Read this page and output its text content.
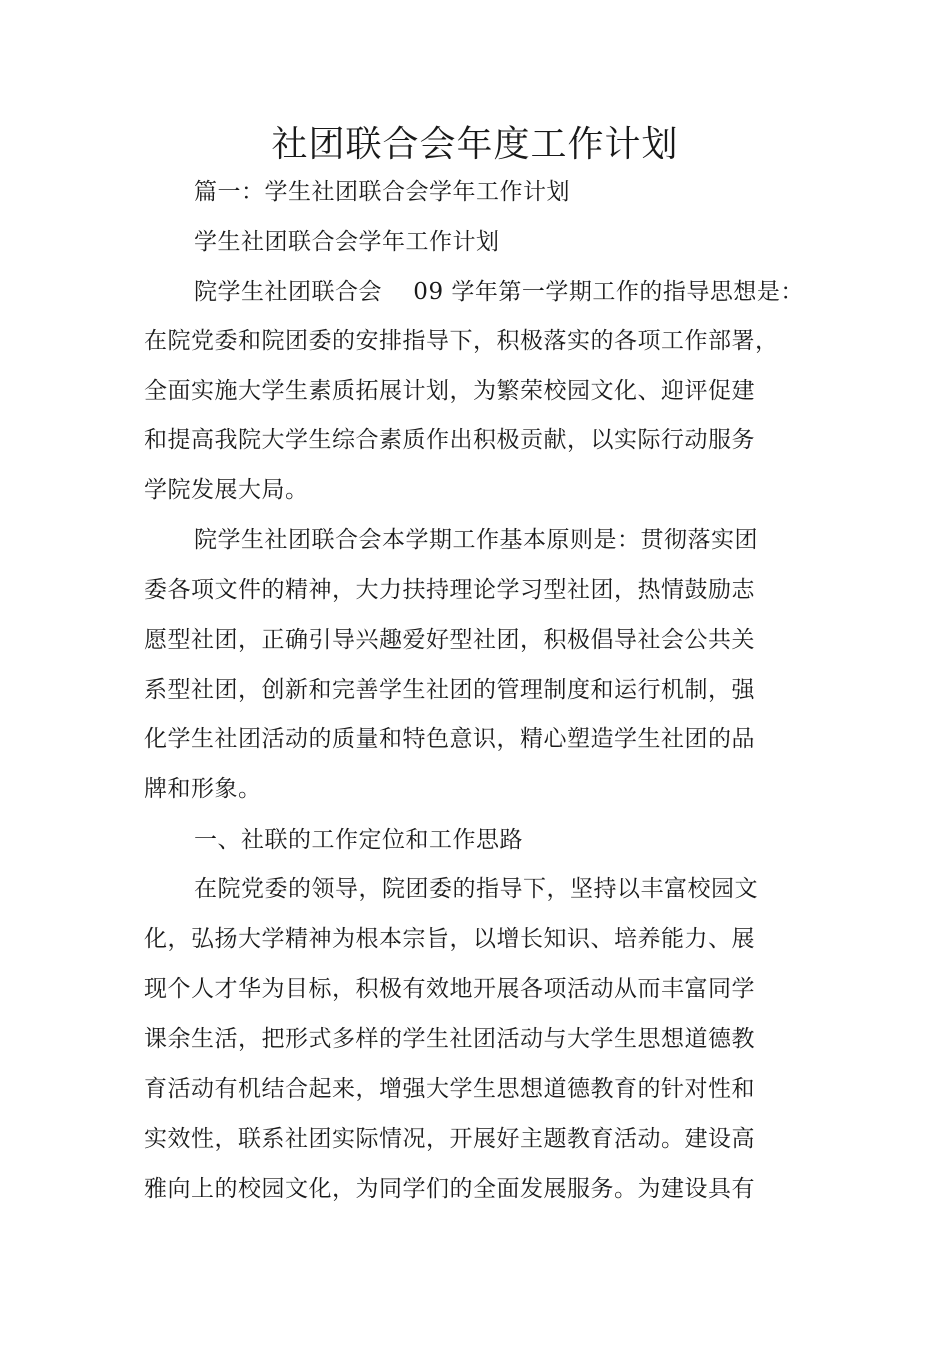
社团联合会年度工作计划
篇一：学生社团联合会学年工作计划
学生社团联合会学年工作计划
院学生社团联合会　 09 学年第一学期工作的指导思想是：
在院党委和院团委的安排指导下，积极落实的各项工作部署，
全面实施大学生素质拓展计划，为繁荣校园文化、迎评促建
和提高我院大学生综合素质作出积极贡献，以实际行动服务
学院发展大局。
院学生社团联合会本学期工作基本原则是：贯彻落实团
委各项文件的精神，大力扶持理论学习型社团，热情鼓励志
愿型社团，正确引导兴趣爱好型社团，积极倡导社会公共关
系型社团，创新和完善学生社团的管理制度和运行机制，强
化学生社团活动的质量和特色意识，精心塑造学生社团的品
牌和形象。
一、社联的工作定位和工作思路
在院党委的领导，院团委的指导下，坚持以丰富校园文
化，弘扬大学精神为根本宗旨，以增长知识、培养能力、展
现个人才华为目标，积极有效地开展各项活动从而丰富同学
课余生活，把形式多样的学生社团活动与大学生思想道德教
育活动有机结合起来，增强大学生思想道德教育的针对性和
实效性，联系社团实际情况，开展好主题教育活动。建设高
雅向上的校园文化，为同学们的全面发展服务。为建设具有
